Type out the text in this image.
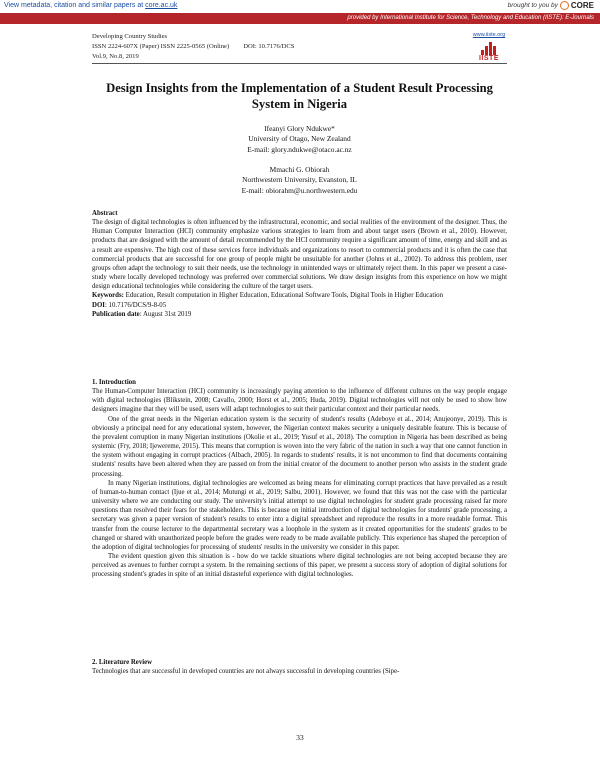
View metadata, citation and similar papers at core.ac.uk	brought to you by CORE
provided by International Institute for Science, Technology and Education (IISTE): E-Journals
Developing Country Studies
ISSN 2224-607X (Paper) ISSN 2225-0565 (Online) DOI: 10.7176/DCS
Vol.9, No.8, 2019
www.iiste.org
IISTE
Design Insights from the Implementation of a Student Result Processing System in Nigeria
Ifeanyi Glory Ndukwe*
University of Otago, New Zealand
E-mail: glory.ndukwe@otaco.ac.nz
Mmachi G. Obiorah
Northwestern University, Evanston, IL
E-mail: obiorahm@u.northwestern.edu

Abstract

The design of digital technologies is often influenced by the infrastructural, economic, and social realities of the environment of the designer. Thus, the Human Computer Interaction (HCI) community emphasize various strategies to learn from and about target users (Brown et al., 2010). However, products that are designed with the amount of detail recommended by the HCI community require a significant amount of time, energy and skill and as a result are expensive. The high cost of these services force individuals and organizations to resort to commercial products and it is often the case that commercial products that are successful for one group of people might be unsuitable for another (Johns et al., 2002). To address this problem, user groups often adapt the technology to suit their needs, use the technology in unintended ways or ultimately reject them. In this paper we present a case-study where locally developed technology was preferred over commercial solutions. We draw design insights from this experience on how we might design educational technologies while considering the culture of the target users.

Keywords: Education, Result computation in Higher Education, Educational Software Tools, Digital Tools in Higher Education

DOI: 10.7176/DCS/9-8-05

Publication date: August 31st 2019

1. Introduction

The Human-Computer Interaction (HCI) community is increasingly paying attention to the influence of different cultures on the way people engage with digital technologies (Blikstein, 2008; Cavallo, 2000; Horst et al., 2005; Huda, 2019). Digital technologies will not only be used to show how designers imagine that they will be used, users will adapt technologies to suit their particular context and their particular needs.

One of the great needs in the Nigerian education system is the security of student's results (Adeboye et al., 2014; Anujeonye, 2019). This is obviously a principal need for any educational system, however, the Nigerian context makes security a uniquely desirable feature. This is because of the prevalent corruption in many Nigerian institutions (Okolie et al., 2019; Yusuf et al., 2018). The corruption in Nigeria has been described as being systemic (Fry, 2018; Ijewereme, 2015). This means that corruption is woven into the very fabric of the nation in such a way that one cannot function in the system without engaging in corrupt practices (Albach, 2005). In regards to students' results, it is not uncommon to find that documents containing students' results have been altered when they are passed on from the initial creator of the document to another person who assists in the student grade processing.

In many Nigerian institutions, digital technologies are welcomed as being means for eliminating corrupt practices that have prevailed as a result of human-to-human contact (Ijue et al., 2014; Mutungi et al., 2019; Salbu, 2001). However, we found that this was not the case with the particular university where we are conducting our study. The university's initial attempt to use digital technologies for student grade processing raised far more questions than resolved their fears for the stakeholders. This is because on initial introduction of digital technologies for students' grade processing, a secretary was given a paper version of student's results to enter into a digital spreadsheet and reproduce the results in a more readable format. This transfer from the course lecturer to the departmental secretary was a loophole in the system as it created opportunities for the students' grades to be changed or shared with unauthorized people before the grades were ready to be made available publicly. This experience has shaped the perception of the adoption of digital technologies for processing of students' results in the university we consider in this paper.

The evident question given this situation is - how do we tackle situations where digital technologies are not being accepted because they are perceived as avenues to further corrupt a system. In the remaining sections of this paper, we present a success story of adoption of digital solutions for processing student's grades in spite of an initial distasteful experience with digital technologies.

2. Literature Review

Technologies that are successful in developed countries are not always successful in developing countries (Sipe-

33
